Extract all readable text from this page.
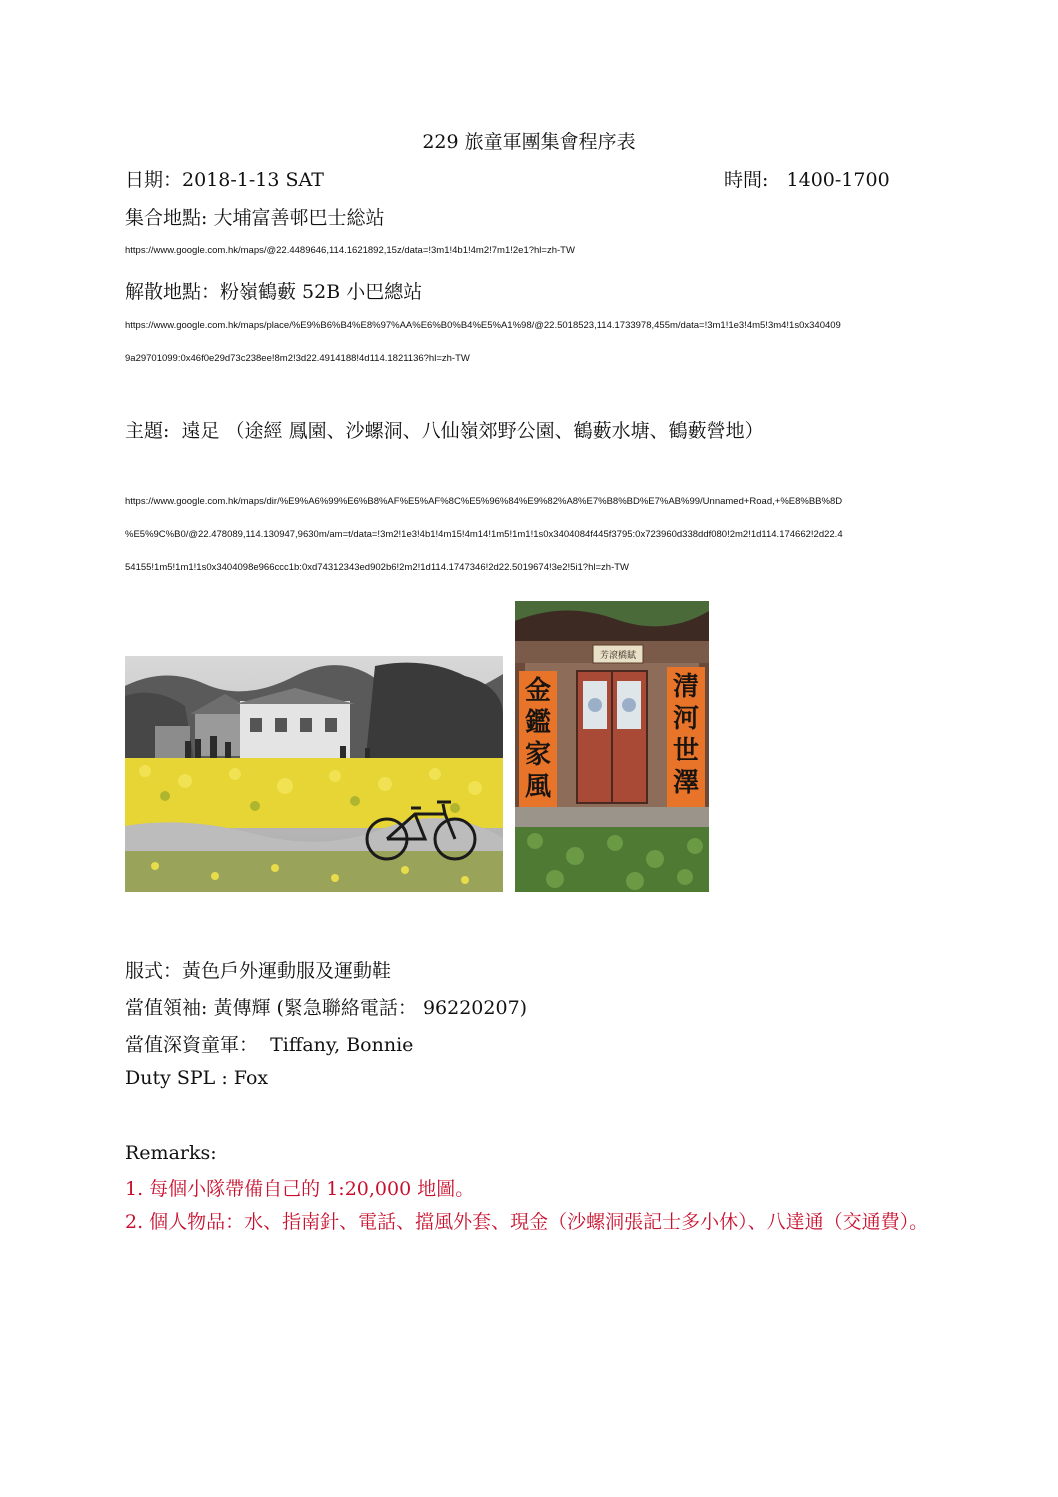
229 旅童軍團集會程序表
日期：2018-1-13 SAT	時間: 1400-1700
集合地點: 大埔富善邨巴士総站
https://www.google.com.hk/maps/@22.4489646,114.1621892,15z/data=!3m1!4b1!4m2!7m1!2e1?hl=zh-TW
解散地點：粉嶺鶴藪 52B 小巴總站
https://www.google.com.hk/maps/place/%E9%B6%B4%E8%97%AA%E6%B0%B4%E5%A1%98/@22.5018523,114.1733978,455m/data=!3m1!1e3!4m5!3m4!1s0x340409
9a29701099:0x46f0e29d73c238ee!8m2!3d22.4914188!4d114.1821136?hl=zh-TW
主題: 遠足 （途經 鳳園、沙螺洞、八仙嶺郊野公園、鶴藪水塘、鶴藪營地）
https://www.google.com.hk/maps/dir/%E9%A6%99%E6%B8%AF%E5%AF%8C%E5%96%84%E9%82%A8%E7%B8%BD%E7%AB%99/Unnamed+Road,+%E8%BB%8D
%E5%9C%B0/@22.478089,114.130947,9630m/am=t/data=!3m2!1e3!4b1!4m15!4m14!1m5!1m1!1s0x3404084f445f3795:0x723960d338ddf080!2m2!1d114.174662!2d22.4
54155!1m5!1m1!1s0x3404098e966ccc1b:0xd74312343ed902b6!2m2!1d114.1747346!2d22.5019674!3e2!5i1?hl=zh-TW
芳滾橋賦
金
鑑
家
風
清
河
世
澤
服式：黃色戶外運動服及運動鞋
當值領袖: 黃傳輝 (緊急聯絡電話： 96220207)
當值深資童軍： Tiffany, Bonnie
Duty SPL : Fox
Remarks:
1. 每個小隊帶備自己的 1:20,000 地圖。
2. 個人物品：水、指南針、電話、擋風外套、現金（沙螺洞張記士多小休）、八達通（交通費）。
